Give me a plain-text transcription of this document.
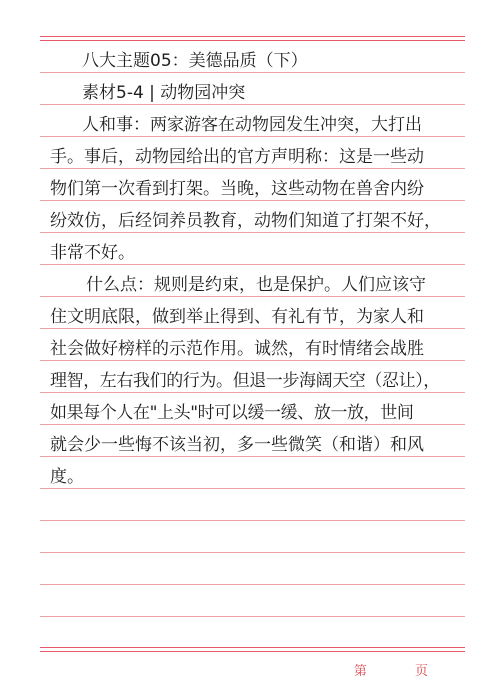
八大主题05：美德品质（下）
素材5-4 | 动物园冲突
人和事：两家游客在动物园发生冲突，大打出
手。事后，动物园给出的官方声明称：这是一些动
物们第一次看到打架。当晚，这些动物在兽舍内纷
纷效仿，后经饲养员教育，动物们知道了打架不好，
非常不好。
什么点：规则是约束，也是保护。人们应该守
住文明底限，做到举止得到、有礼有节，为家人和
社会做好榜样的示范作用。诚然，有时情绪会战胜
理智，左右我们的行为。但退一步海阔天空（忍让），
如果每个人在"上头"时可以缓一缓、放一放，世间
就会少一些悔不该当初，多一些微笑（和谐）和风
度。
第 页
